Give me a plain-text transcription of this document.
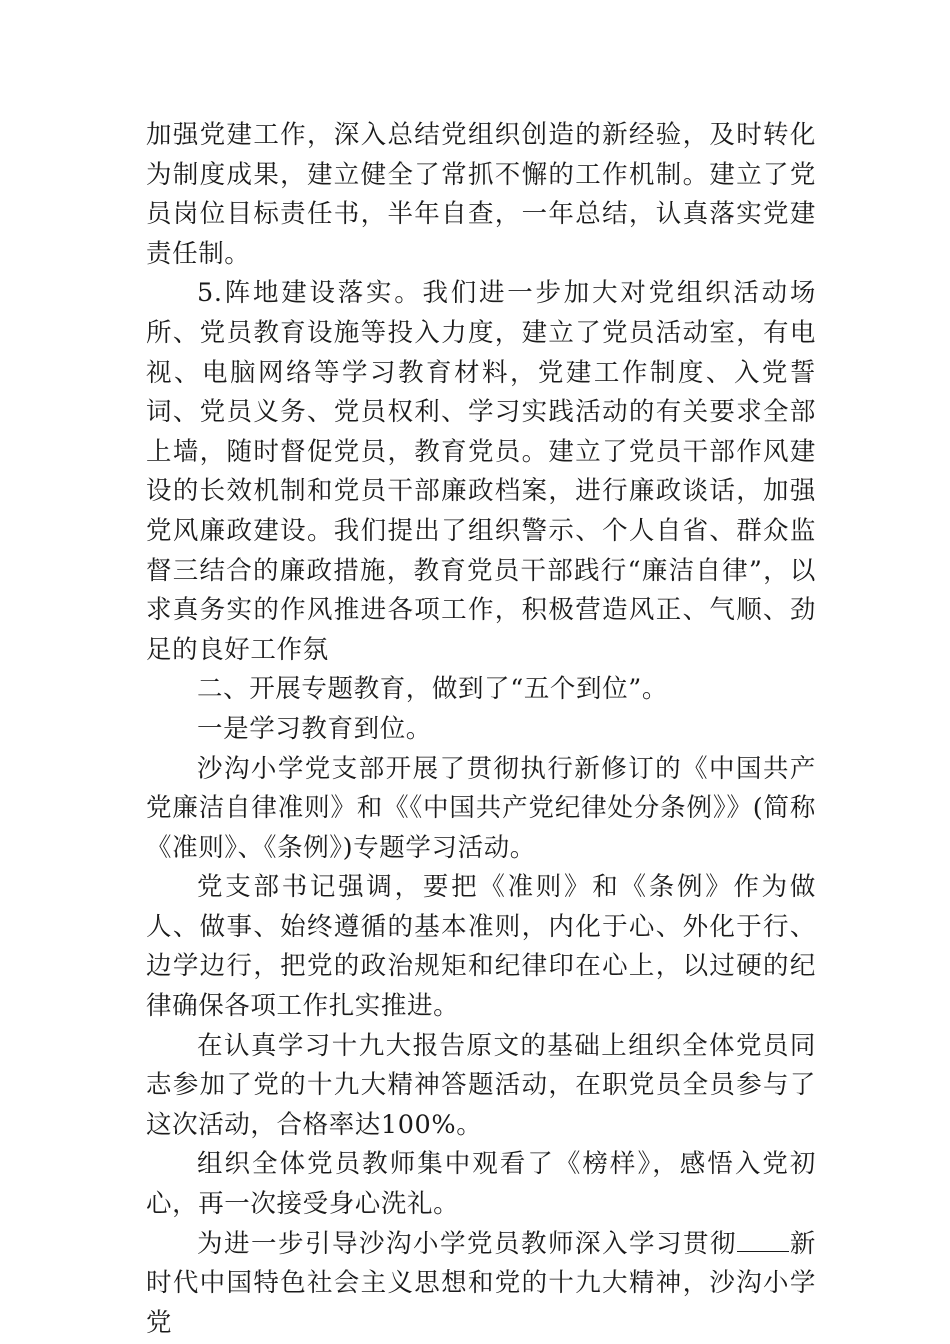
加强党建工作，深入总结党组织创造的新经验，及时转化为制度成果，建立健全了常抓不懈的工作机制。建立了党员岗位目标责任书，半年自查，一年总结，认真落实党建责任制。

5.阵地建设落实。我们进一步加大对党组织活动场所、党员教育设施等投入力度，建立了党员活动室，有电视、电脑网络等学习教育材料，党建工作制度、入党誓词、党员义务、党员权利、学习实践活动的有关要求全部上墙，随时督促党员，教育党员。建立了党员干部作风建设的长效机制和党员干部廉政档案，进行廉政谈话，加强党风廉政建设。我们提出了组织警示、个人自省、群众监督三结合的廉政措施，教育党员干部践行“廉洁自律”，以求真务实的作风推进各项工作，积极营造风正、气顺、劲足的良好工作氛

二、开展专题教育，做到了“五个到位”。

一是学习教育到位。

沙沟小学党支部开展了贯彻执行新修订的《中国共产党廉洁自律准则》和《《中国共产党纪律处分条例》》(简称《准则》、《条例》)专题学习活动。

党支部书记强调，要把《准则》和《条例》作为做人、做事、始终遵循的基本准则，内化于心、外化于行、边学边行，把党的政治规矩和纪律印在心上，以过硬的纪律确保各项工作扎实推进。

在认真学习十九大报告原文的基础上组织全体党员同志参加了党的十九大精神答题活动，在职党员全员参与了这次活动，合格率达100%。

组织全体党员教师集中观看了《榜样》，感悟入党初心，再一次接受身心洗礼。

为进一步引导沙沟小学党员教师深入学习贯彻 新时代中国特色社会主义思想和党的十九大精神，沙沟小学党
